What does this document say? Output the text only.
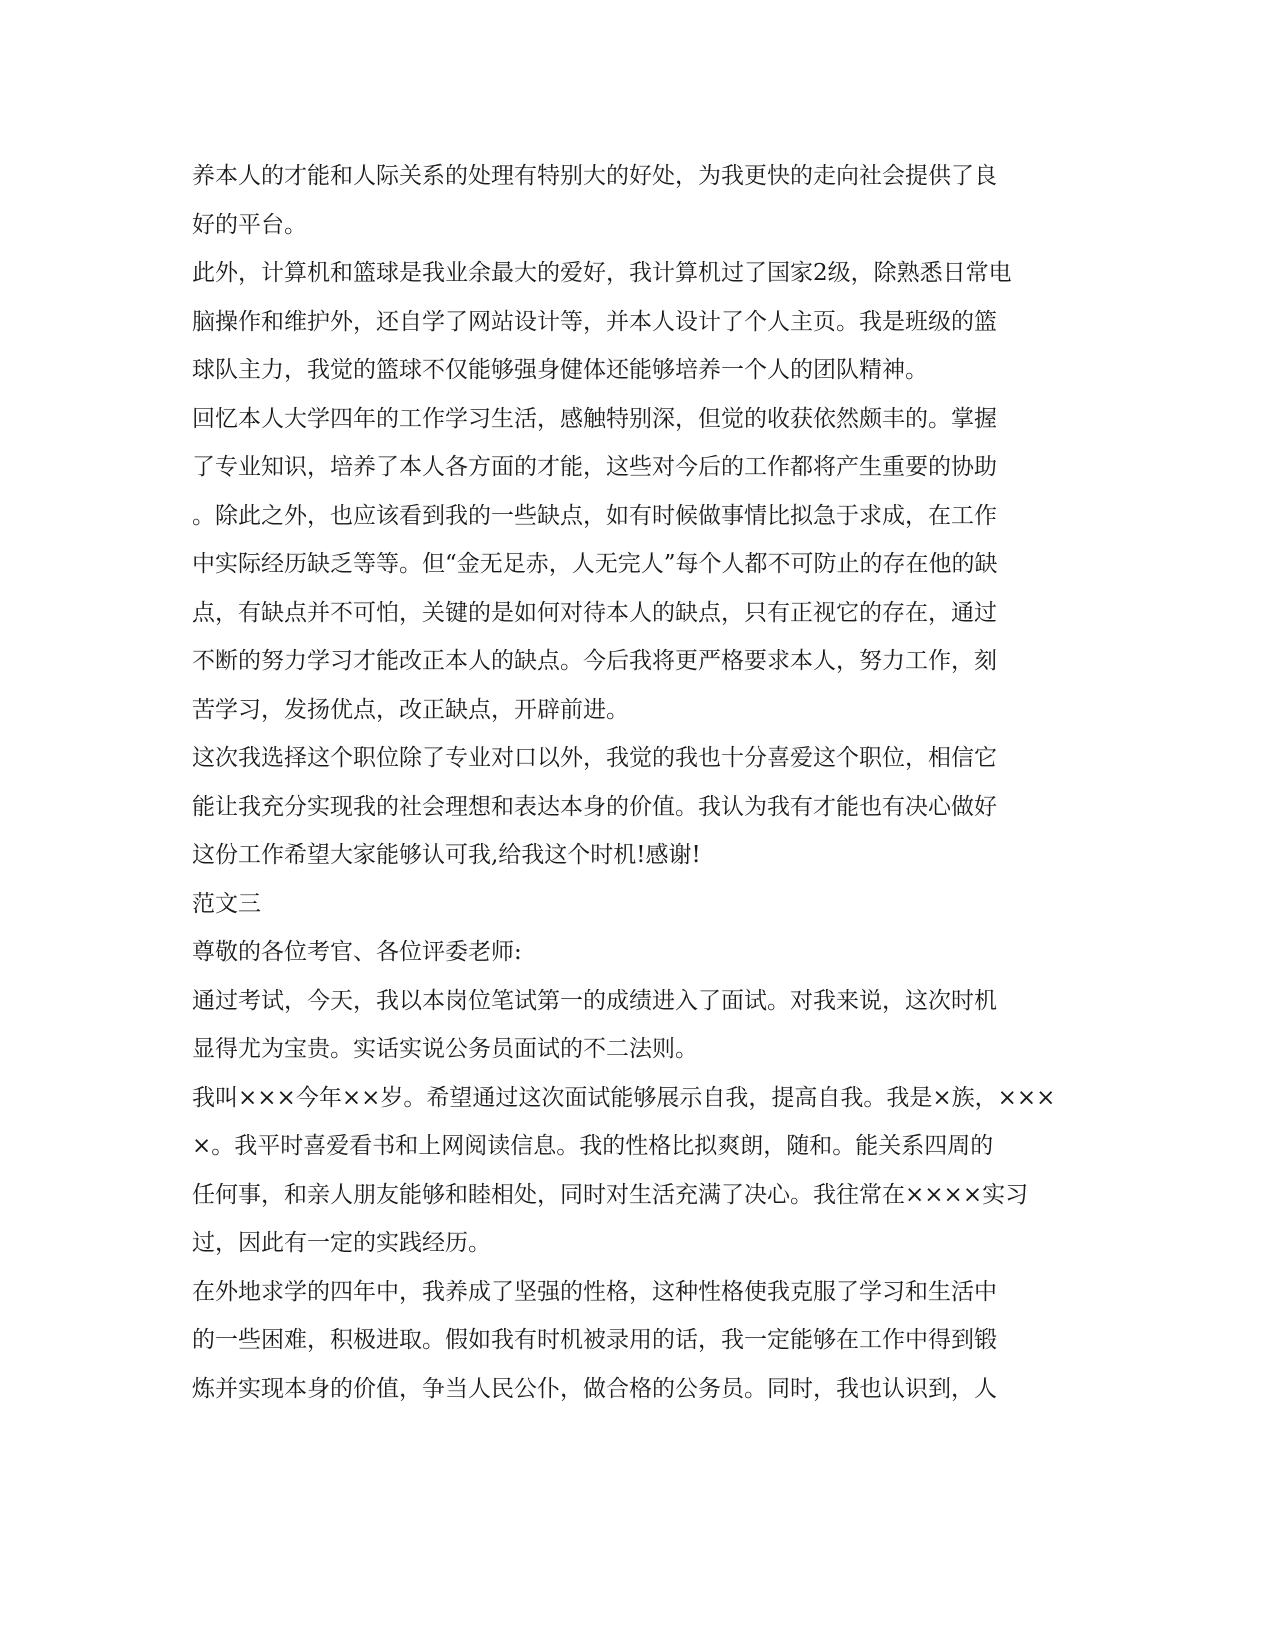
养本人的才能和人际关系的处理有特别大的好处，为我更快的走向社会提供了良
好的平台。
此外，计算机和篮球是我业余最大的爱好，我计算机过了国家2级，除熟悉日常电
脑操作和维护外，还自学了网站设计等，并本人设计了个人主页。我是班级的篮
球队主力，我觉的篮球不仅能够强身健体还能够培养一个人的团队精神。
回忆本人大学四年的工作学习生活，感触特别深，但觉的收获依然颇丰的。掌握
了专业知识，培养了本人各方面的才能，这些对今后的工作都将产生重要的协助
。除此之外，也应该看到我的一些缺点，如有时候做事情比拟急于求成，在工作
中实际经历缺乏等等。但“金无足赤，人无完人”每个人都不可防止的存在他的缺
点，有缺点并不可怕，关键的是如何对待本人的缺点，只有正视它的存在，通过
不断的努力学习才能改正本人的缺点。今后我将更严格要求本人，努力工作，刻
苦学习，发扬优点，改正缺点，开辟前进。
这次我选择这个职位除了专业对口以外，我觉的我也十分喜爱这个职位，相信它
能让我充分实现我的社会理想和表达本身的价值。我认为我有才能也有决心做好
这份工作希望大家能够认可我,给我这个时机!感谢!
范文三
尊敬的各位考官、各位评委老师:
通过考试，今天，我以本岗位笔试第一的成绩进入了面试。对我来说，这次时机
显得尤为宝贵。实话实说公务员面试的不二法则。
我叫×××今年××岁。希望通过这次面试能够展示自我，提高自我。我是×族，×××
×。我平时喜爱看书和上网阅读信息。我的性格比拟爽朗，随和。能关系四周的
任何事，和亲人朋友能够和睦相处，同时对生活充满了决心。我往常在××××实习
过，因此有一定的实践经历。
在外地求学的四年中，我养成了坚强的性格，这种性格使我克服了学习和生活中
的一些困难，积极进取。假如我有时机被录用的话，我一定能够在工作中得到锻
炼并实现本身的价值，争当人民公仆，做合格的公务员。同时，我也认识到，人
